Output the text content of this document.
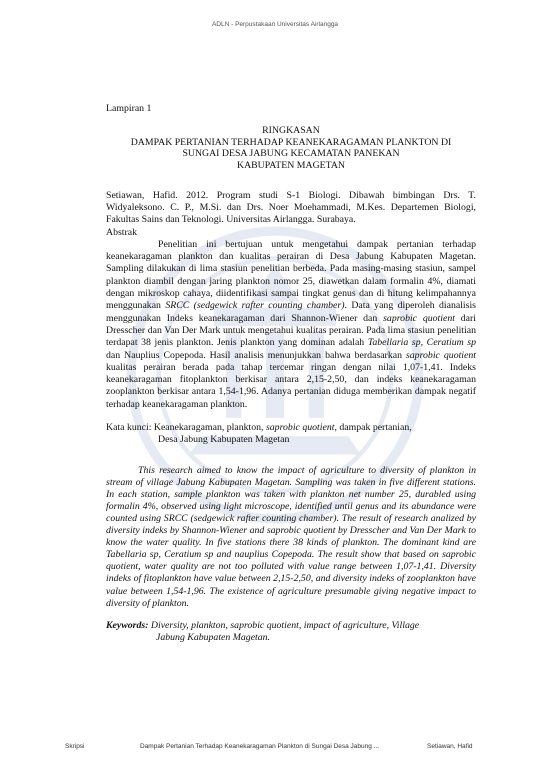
ADLN - Perpustakaan Universitas Airlangga
Lampiran 1
RINGKASAN
DAMPAK PERTANIAN TERHADAP KEANEKARAGAMAN PLANKTON DI
SUNGAI DESA JABUNG KECAMATAN PANEKAN
KABUPATEN MAGETAN
Setiawan, Hafid. 2012. Program studi S-1 Biologi. Dibawah bimbingan Drs. T. Widyaleksono. C. P., M.Si. dan Drs. Noer Moehammadi, M.Kes. Departemen Biologi, Fakultas Sains dan Teknologi. Universitas Airlangga. Surabaya.
Abstrak

Penelitian ini bertujuan untuk mengetahui dampak pertanian terhadap keanekaragaman plankton dan kualitas perairan di Desa Jabung Kabupaten Magetan. Sampling dilakukan di lima stasiun penelitian berbeda. Pada masing-masing stasiun, sampel plankton diambil dengan jaring plankton nomor 25, diawetkan dalam formalin 4%, diamati dengan mikroskop cahaya, diidentifikasi sampai tingkat genus dan di hitung kelimpahannya menggunakan SRCC (sedgewick rafter counting chamber). Data yang diperoleh dianalisis menggunakan Indeks keanekaragaman dari Shannon-Wiener dan saprobic quotient dari Dresscher dan Van Der Mark untuk mengetahui kualitas perairan. Pada lima stasiun penelitian terdapat 38 jenis plankton. Jenis plankton yang dominan adalah Tabellaria sp, Ceratium sp dan Nauplius Copepoda. Hasil analisis menunjukkan bahwa berdasarkan saprobic quotient kualitas perairan berada pada tahap tercemar ringan dengan nilai 1,07-1,41. Indeks keanekaragaman fitoplankton berkisar antara 2,15-2,50, dan indeks keanekaragaman zooplankton berkisar antara 1,54-1,96. Adanya pertanian diduga memberikan dampak negatif terhadap keanekaragaman plankton.

Kata kunci: Keanekaragaman, plankton, saprobic quotient, dampak pertanian,
Desa Jabung Kabupaten Magetan

This research aimed to know the impact of agriculture to diversity of plankton in stream of village Jabung Kabupaten Magetan. Sampling was taken in five different stations. In each station, sample plankton was taken with plankton net number 25, durabled using formalin 4%, observed using light microscope, identified until genus and its abundance were counted using SRCC (sedgewick rafter counting chamber). The result of research analized by diversity indeks by Shannon-Wiener and saprobic quotient by Dresscher and Van Der Mark to know the water quality. In five stations there 38 kinds of plankton. The dominant kind are Tabellaria sp, Ceratium sp and nauplius Copepoda. The result show that based on saprobic quotient, water quality are not too polluted with value range between 1,07-1,41. Diversity indeks of fitoplankton have value between 2,15-2,50, and diversity indeks of zooplankton have value between 1,54-1,96. The existence of agriculture presumable giving negative impact to diversity of plankton.

Keywords: Diversity, plankton, saprobic quotient, impact of agriculture, Village
Jabung Kabupaten Magetan.
Skripsi	Dampak Pertanian Terhadap Keanekaragaman Plankton di Sungai Desa Jabung ...	Setiawan, Hafid
